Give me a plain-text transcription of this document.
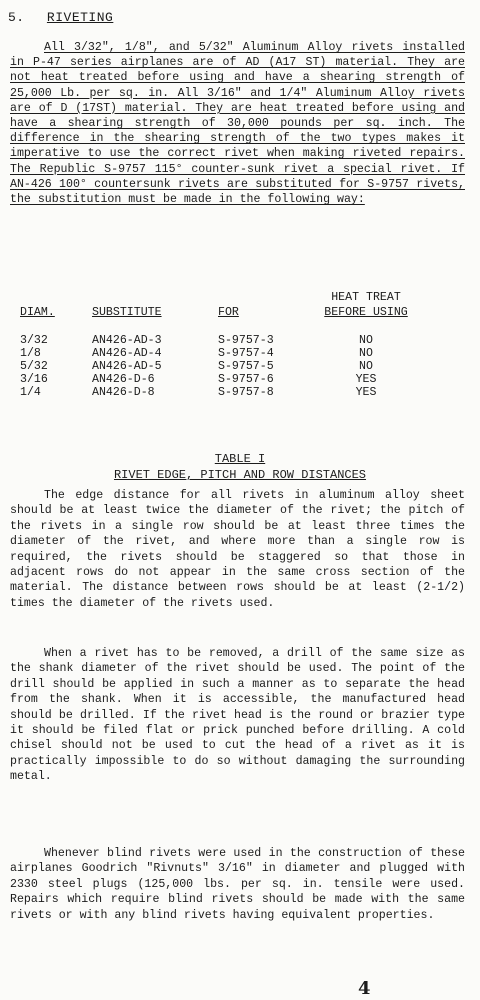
5. RIVETING

All 3/32", 1/8", and 5/32" Aluminum Alloy rivets installed in P-47 series airplanes are of AD (A17 ST) material. They are not heat treated before using and have a shearing strength of 25,000 Lb. per sq. in. All 3/16" and 1/4" Aluminum Alloy rivets are of D (17ST) material. They are heat treated before using and have a shearing strength of 30,000 pounds per sq. inch. The difference in the shearing strength of the two types makes it imperative to use the correct rivet when making riveted repairs. The Republic S-9757 115° counter-sunk rivet a special rivet. If AN-426 100° countersunk rivets are substituted for S-9757 rivets, the substitution must be made in the following way:

			HEAT TREAT
DIAM.	SUBSTITUTE	FOR	BEFORE USING

3/32	AN426-AD-3	S-9757-3	NO
1/8	AN426-AD-4	S-9757-4	NO
5/32	AN426-AD-5	S-9757-5	NO
3/16	AN426-D-6	S-9757-6	YES
1/4	AN426-D-8	S-9757-8	YES
TABLE I
RIVET EDGE, PITCH AND ROW DISTANCES

The edge distance for all rivets in aluminum alloy sheet should be at least twice the diameter of the rivet; the pitch of the rivets in a single row should be at least three times the diameter of the rivet, and where more than a single row is required, the rivets should be staggered so that those in adjacent rows do not appear in the same cross section of the material. The distance between rows should be at least (2-1/2) times the diameter of the rivets used.

When a rivet has to be removed, a drill of the same size as the shank diameter of the rivet should be used. The point of the drill should be applied in such a manner as to separate the head from the shank. When it is accessible, the manufactured head should be drilled. If the rivet head is the round or brazier type it should be filed flat or prick punched before drilling. A cold chisel should not be used to cut the head of a rivet as it is practically impossible to do so without damaging the surrounding metal.

Whenever blind rivets were used in the construction of these airplanes Goodrich "Rivnuts" 3/16" in diameter and plugged with 2330 steel plugs (125,000 lbs. per sq. in. tensile were used. Repairs which require blind rivets should be made with the same rivets or with any blind rivets having equivalent properties.

4
